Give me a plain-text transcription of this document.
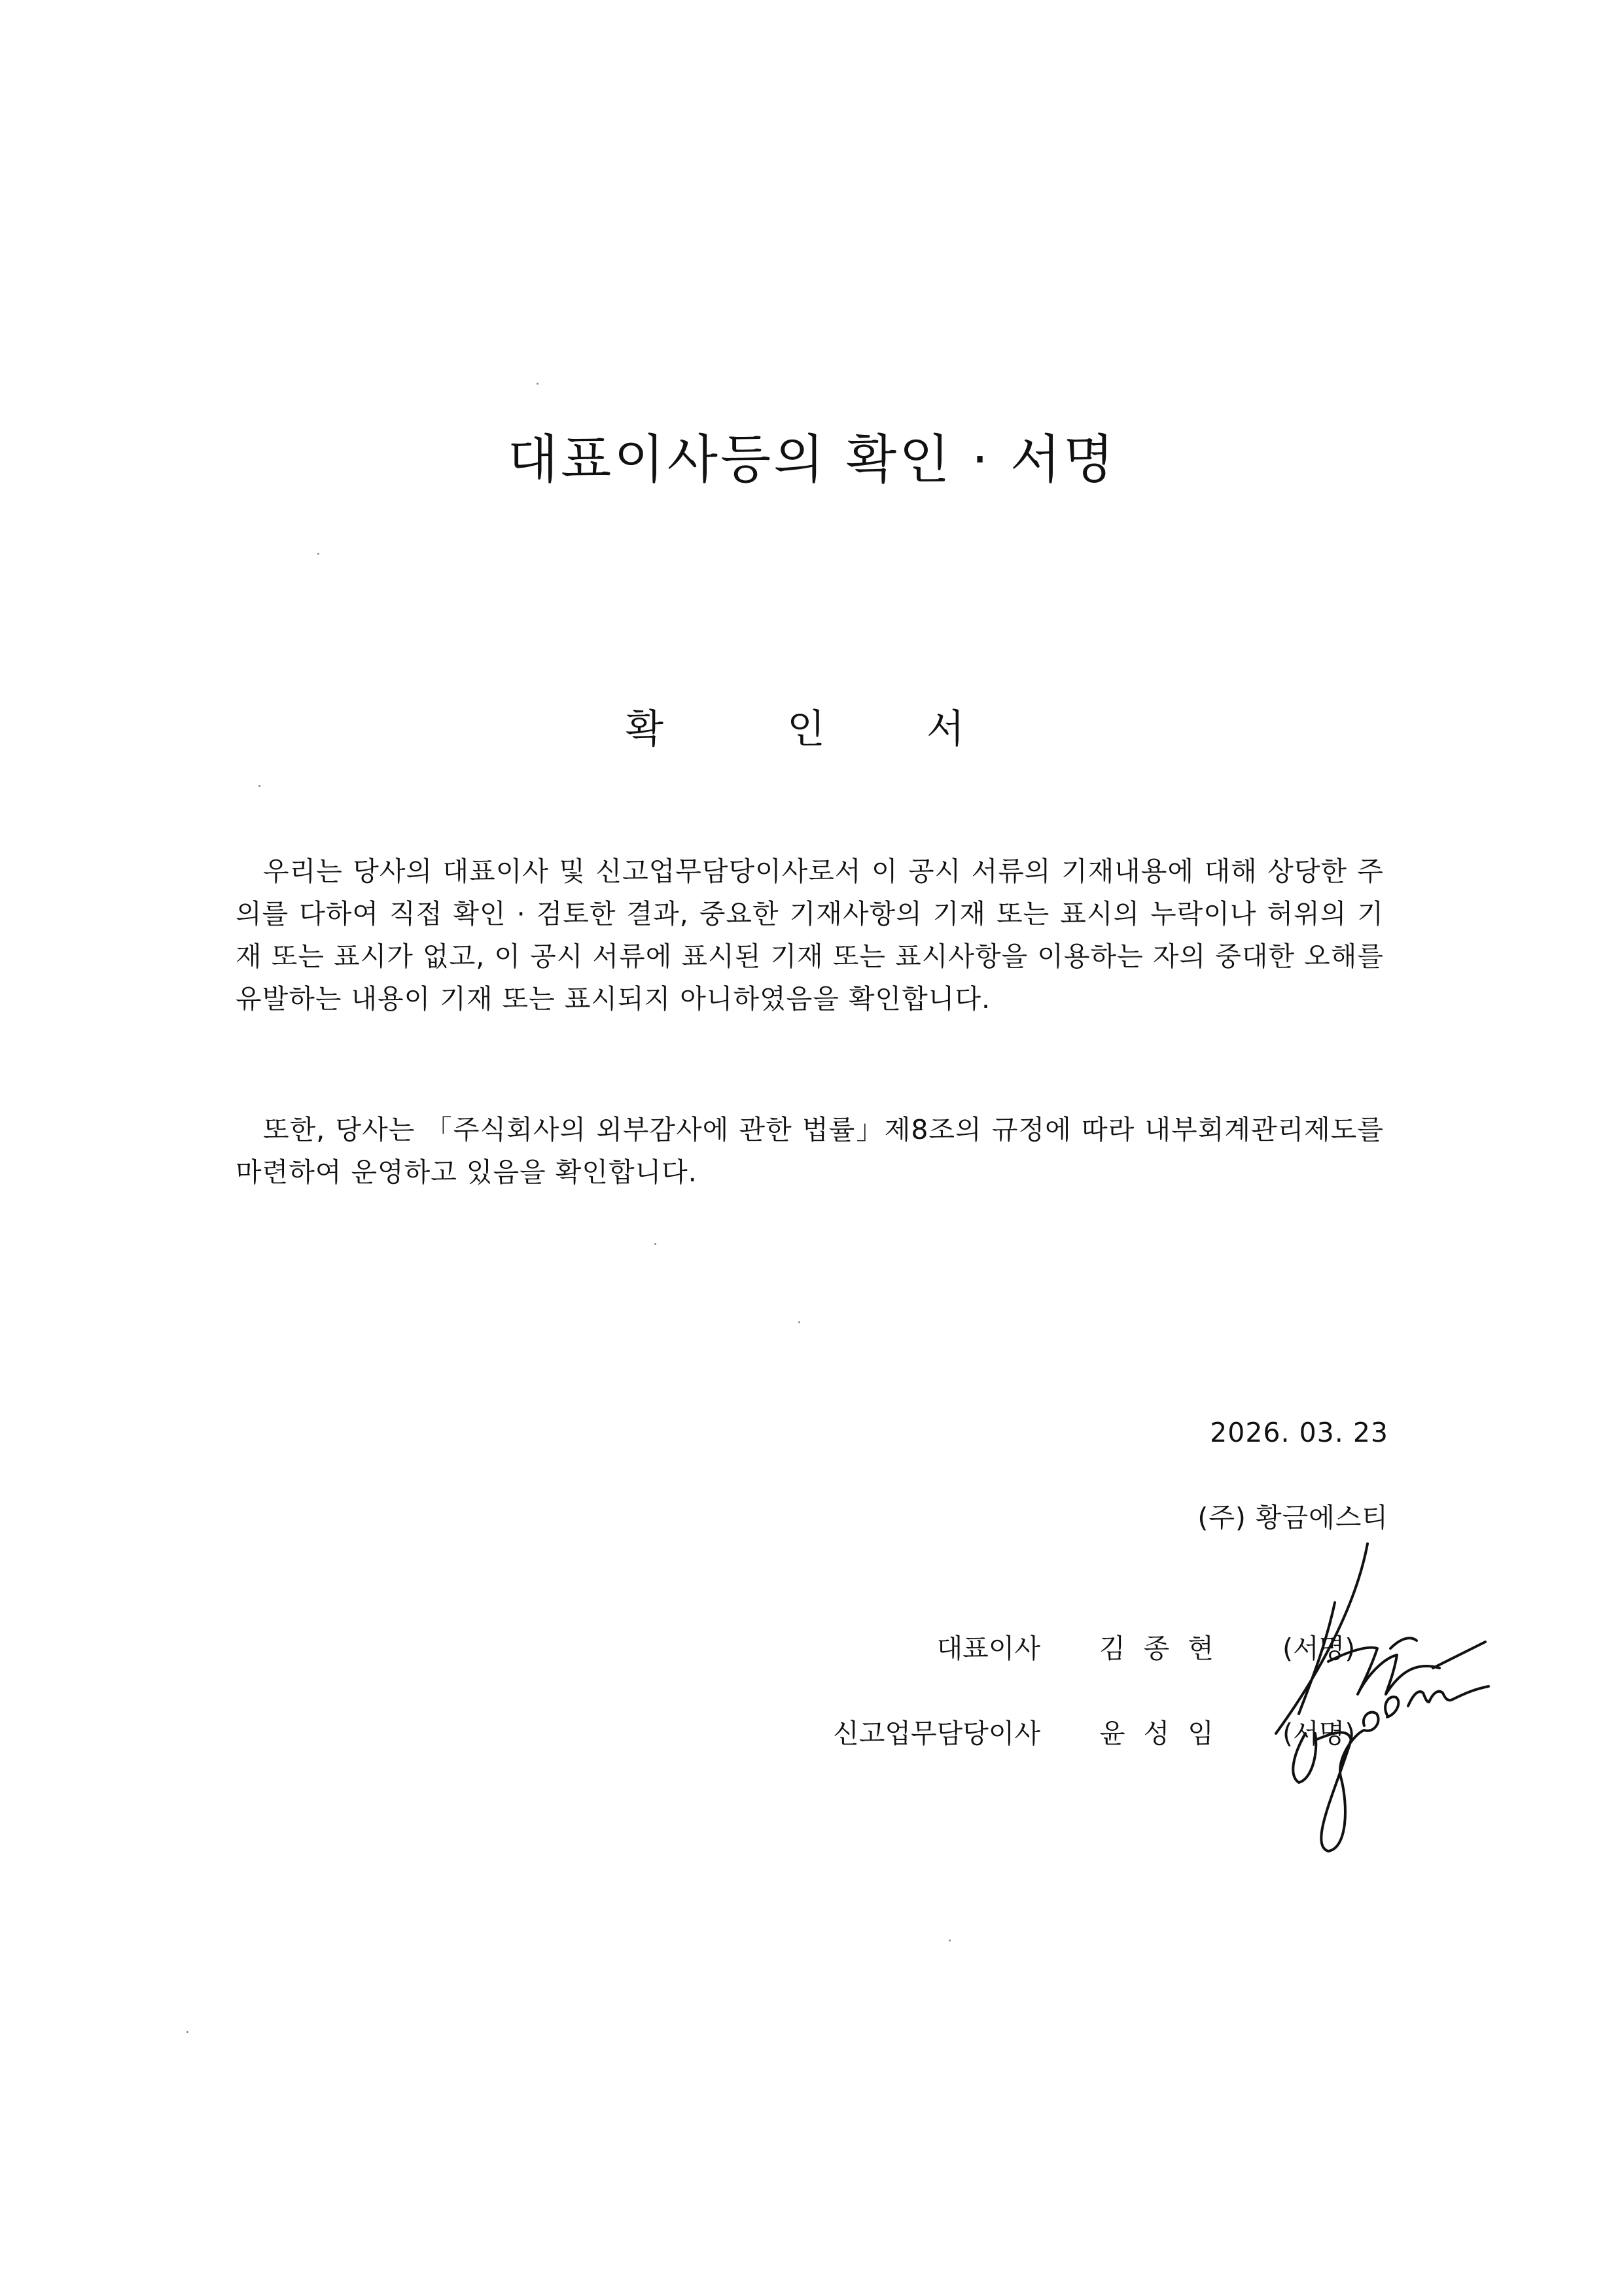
대표이사등의 확인 · 서명
확	인	서

우리는 당사의 대표이사 및 신고업무담당이사로서 이 공시 서류의 기재내용에 대해 상당한 주의를 다하여 직접 확인 · 검토한 결과, 중요한 기재사항의 기재 또는 표시의 누락이나 허위의 기재 또는 표시가 없고, 이 공시 서류에 표시된 기재 또는 표시사항을 이용하는 자의 중대한 오해를 유발하는 내용이 기재 또는 표시되지 아니하였음을 확인합니다.

또한, 당사는 「주식회사의 외부감사에 관한 법률」제8조의 규정에 따라 내부회계관리제도를 마련하여 운영하고 있음을 확인합니다.

2026. 03. 23
(주) 황금에스티
대표이사 김종현 (서명)
신고업무담당이사 윤성임 (서명)
